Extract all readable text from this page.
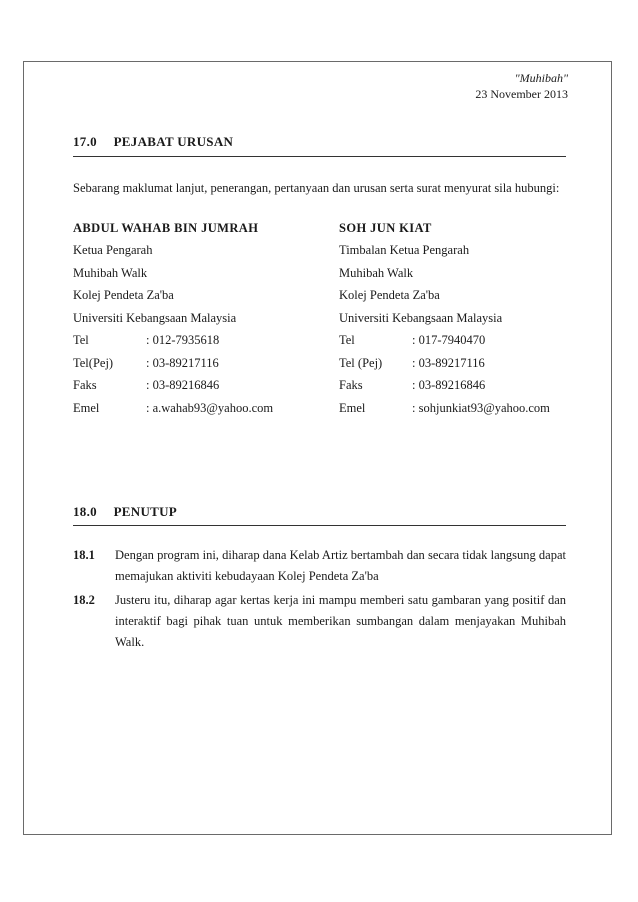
"Muhibah"
23 November 2013
17.0 PEJABAT URUSAN
Sebarang maklumat lanjut, penerangan, pertanyaan dan urusan serta surat menyurat sila hubungi:
ABDUL WAHAB BIN JUMRAH
Ketua Pengarah
Muhibah Walk
Kolej Pendeta Za'ba
Universiti Kebangsaan Malaysia
Tel	: 012-7935618
Tel(Pej)	: 03-89217116
Faks	: 03-89216846
Emel	: a.wahab93@yahoo.com
SOH JUN KIAT
Timbalan Ketua Pengarah
Muhibah Walk
Kolej Pendeta Za'ba
Universiti Kebangsaan Malaysia
Tel	: 017-7940470
Tel (Pej)	: 03-89217116
Faks	: 03-89216846
Emel	: sohjunkiat93@yahoo.com
18.0 PENUTUP
18.1	Dengan program ini, diharap dana Kelab Artiz bertambah dan secara tidak langsung dapat memajukan aktiviti kebudayaan Kolej Pendeta Za'ba
18.2	Justeru itu, diharap agar kertas kerja ini mampu memberi satu gambaran yang positif dan interaktif bagi pihak tuan untuk memberikan sumbangan dalam menjayakan Muhibah Walk.
